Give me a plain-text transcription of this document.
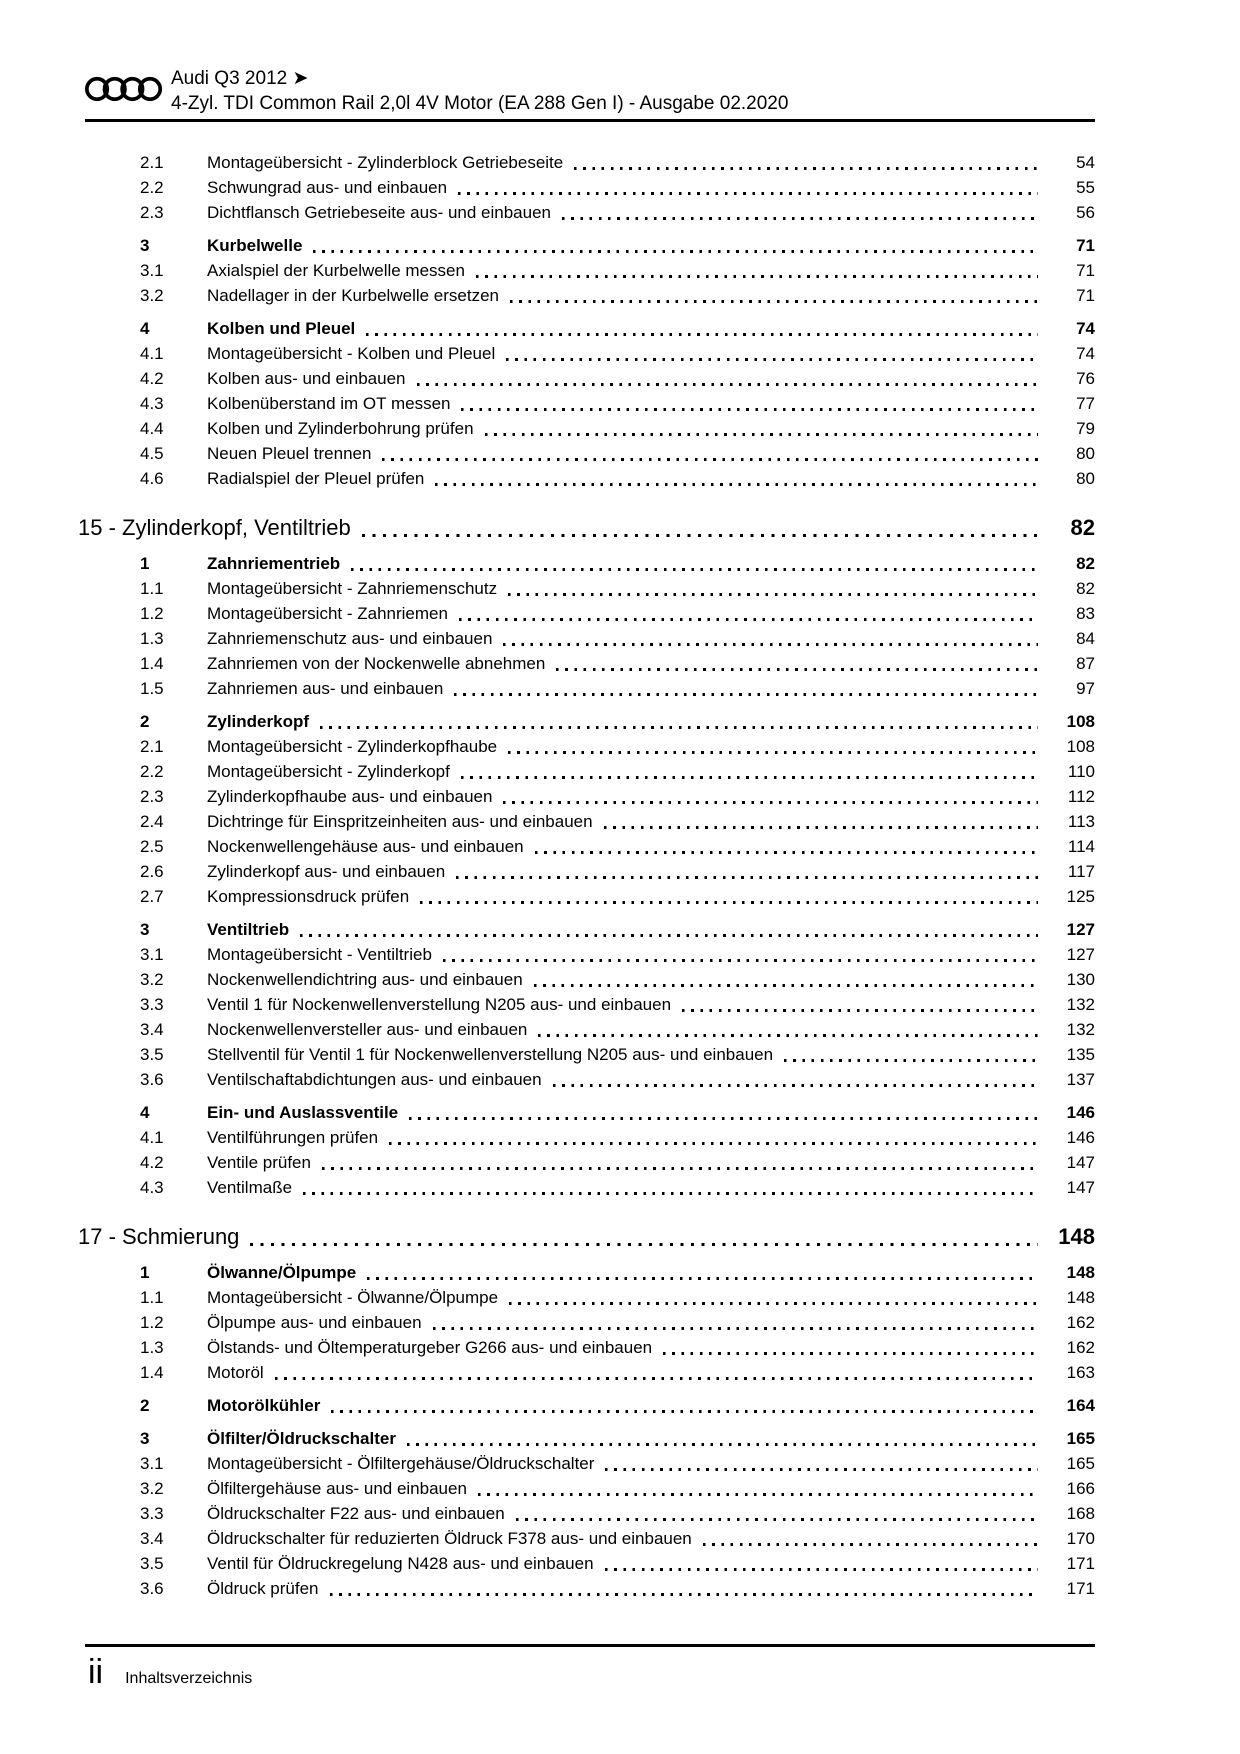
Audi Q3 2012 ➤
4-Zyl. TDI Common Rail 2,0l 4V Motor (EA 288 Gen I) - Ausgabe 02.2020
2.1	Montageübersicht - Zylinderblock Getriebeseite	54
2.2	Schwungrad aus- und einbauen	55
2.3	Dichtflansch Getriebeseite aus- und einbauen	56
3	Kurbelwelle	71
3.1	Axialspiel der Kurbelwelle messen	71
3.2	Nadellager in der Kurbelwelle ersetzen	71
4	Kolben und Pleuel	74
4.1	Montageübersicht - Kolben und Pleuel	74
4.2	Kolben aus- und einbauen	76
4.3	Kolbenüberstand im OT messen	77
4.4	Kolben und Zylinderbohrung prüfen	79
4.5	Neuen Pleuel trennen	80
4.6	Radialspiel der Pleuel prüfen	80
15 - Zylinderkopf, Ventiltrieb	82
1	Zahnriementrieb	82
1.1	Montageübersicht - Zahnriemenschutz	82
1.2	Montageübersicht - Zahnriemen	83
1.3	Zahnriemenschutz aus- und einbauen	84
1.4	Zahnriemen von der Nockenwelle abnehmen	87
1.5	Zahnriemen aus- und einbauen	97
2	Zylinderkopf	108
2.1	Montageübersicht - Zylinderkopfhaube	108
2.2	Montageübersicht - Zylinderkopf	110
2.3	Zylinderkopfhaube aus- und einbauen	112
2.4	Dichtringe für Einspritzeinheiten aus- und einbauen	113
2.5	Nockenwellengehäuse aus- und einbauen	114
2.6	Zylinderkopf aus- und einbauen	117
2.7	Kompressionsdruck prüfen	125
3	Ventiltrieb	127
3.1	Montageübersicht - Ventiltrieb	127
3.2	Nockenwellendichtring aus- und einbauen	130
3.3	Ventil 1 für Nockenwellenverstellung N205 aus- und einbauen	132
3.4	Nockenwellenversteller aus- und einbauen	132
3.5	Stellventil für Ventil 1 für Nockenwellenverstellung N205 aus- und einbauen	135
3.6	Ventilschaftabdichtungen aus- und einbauen	137
4	Ein- und Auslassventile	146
4.1	Ventilführungen prüfen	146
4.2	Ventile prüfen	147
4.3	Ventilmaße	147
17 - Schmierung	148
1	Ölwanne/Ölpumpe	148
1.1	Montageübersicht - Ölwanne/Ölpumpe	148
1.2	Ölpumpe aus- und einbauen	162
1.3	Ölstands- und Öltemperaturgeber G266 aus- und einbauen	162
1.4	Motoröl	163
2	Motorölkühler	164
3	Ölfilter/Öldruckschalter	165
3.1	Montageübersicht - Ölfiltergehäuse/Öldruckschalter	165
3.2	Ölfiltergehäuse aus- und einbauen	166
3.3	Öldruckschalter F22 aus- und einbauen	168
3.4	Öldruckschalter für reduzierten Öldruck F378 aus- und einbauen	170
3.5	Ventil für Öldruckregelung N428 aus- und einbauen	171
3.6	Öldruck prüfen	171
ii Inhaltsverzeichnis
